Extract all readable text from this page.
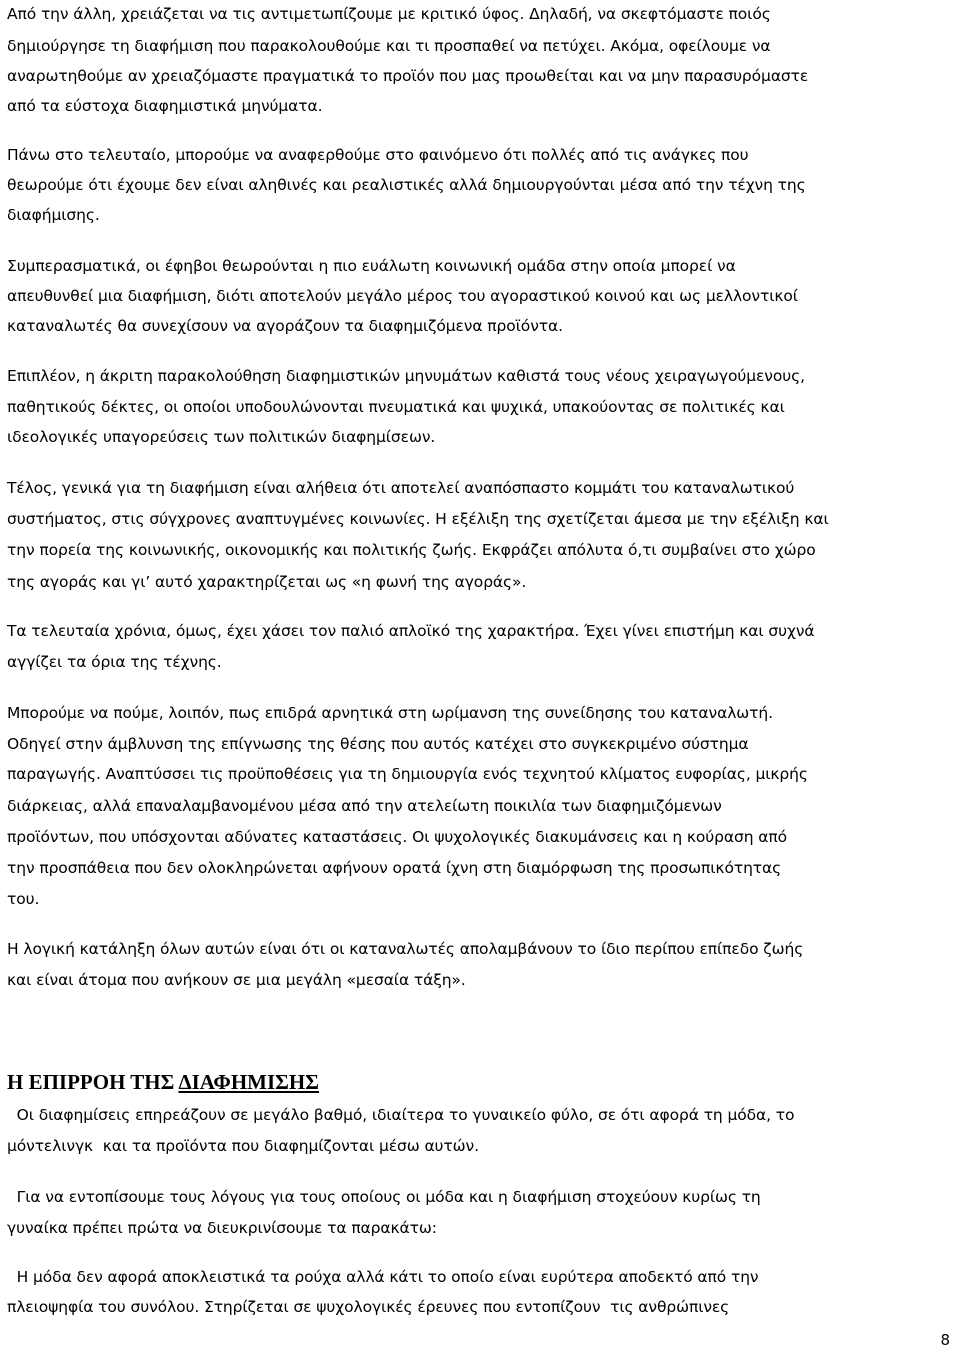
Από την άλλη, χρειάζεται να τις αντιμετωπίζουμε με κριτικό ύφος. Δηλαδή, να σκεφτόμαστε ποιός
δημιούργησε τη διαφήμιση που παρακολουθούμε και τι προσπαθεί να πετύχει. Ακόμα, οφείλουμε να
αναρωτηθούμε αν χρειαζόμαστε πραγματικά το προϊόν που μας προωθείται και να μην παρασυρόμαστε
από τα εύστοχα διαφημιστικά μηνύματα.
Πάνω στο τελευταίο, μπορούμε να αναφερθούμε στο φαινόμενο ότι πολλές από τις ανάγκες που
θεωρούμε ότι έχουμε δεν είναι αληθινές και ρεαλιστικές αλλά δημιουργούνται μέσα από την τέχνη της
διαφήμισης.
Συμπερασματικά, οι έφηβοι θεωρούνται η πιο ευάλωτη κοινωνική ομάδα στην οποία μπορεί να
απευθυνθεί μια διαφήμιση, διότι αποτελούν μεγάλο μέρος του αγοραστικού κοινού και ως μελλοντικοί
καταναλωτές θα συνεχίσουν να αγοράζουν τα διαφημιζόμενα προϊόντα.
Επιπλέον, η άκριτη παρακολούθηση διαφημιστικών μηνυμάτων καθιστά τους νέους χειραγωγούμενους,
παθητικούς δέκτες, οι οποίοι υποδουλώνονται πνευματικά και ψυχικά, υπακούοντας σε πολιτικές και
ιδεολογικές υπαγορεύσεις των πολιτικών διαφημίσεων.
Τέλος, γενικά για τη διαφήμιση είναι αλήθεια ότι αποτελεί αναπόσπαστο κομμάτι του καταναλωτικού
συστήματος, στις σύγχρονες αναπτυγμένες κοινωνίες. Η εξέλιξη της σχετίζεται άμεσα με την εξέλιξη και
την πορεία της κοινωνικής, οικονομικής και πολιτικής ζωής. Εκφράζει απόλυτα ό,τι συμβαίνει στο χώρο
της αγοράς και γι’ αυτό χαρακτηρίζεται ως «η φωνή της αγοράς».
Τα τελευταία χρόνια, όμως, έχει χάσει τον παλιό απλοϊκό της χαρακτήρα. Έχει γίνει επιστήμη και συχνά
αγγίζει τα όρια της τέχνης.
Μπορούμε να πούμε, λοιπόν, πως επιδρά αρνητικά στη ωρίμανση της συνείδησης του καταναλωτή.
Οδηγεί στην άμβλυνση της επίγνωσης της θέσης που αυτός κατέχει στο συγκεκριμένο σύστημα
παραγωγής. Αναπτύσσει τις προϋποθέσεις για τη δημιουργία ενός τεχνητού κλίματος ευφορίας, μικρής
διάρκειας, αλλά επαναλαμβανομένου μέσα από την ατελείωτη ποικιλία των διαφημιζόμενων
προϊόντων, που υπόσχονται αδύνατες καταστάσεις. Οι ψυχολογικές διακυμάνσεις και η κούραση από
την προσπάθεια που δεν ολοκληρώνεται αφήνουν ορατά ίχνη στη διαμόρφωση της προσωπικότητας
του.
Η λογική κατάληξη όλων αυτών είναι ότι οι καταναλωτές απολαμβάνουν το ίδιο περίπου επίπεδο ζωής
και είναι άτομα που ανήκουν σε μια μεγάλη «μεσαία τάξη».
Η ΕΠΙΡΡΟΗ ΤΗΣ ΔΙΑΦΗΜΙΣΗΣ
Οι διαφημίσεις επηρεάζουν σε μεγάλο βαθμό, ιδιαίτερα το γυναικείο φύλο, σε ότι αφορά τη μόδα, το
μόντελινγκ  και τα προϊόντα που διαφημίζονται μέσω αυτών.
Για να εντοπίσουμε τους λόγους για τους οποίους οι μόδα και η διαφήμιση στοχεύουν κυρίως τη
γυναίκα πρέπει πρώτα να διευκρινίσουμε τα παρακάτω:
Η μόδα δεν αφορά αποκλειστικά τα ρούχα αλλά κάτι το οποίο είναι ευρύτερα αποδεκτό από την
πλειοψηφία του συνόλου. Στηρίζεται σε ψυχολογικές έρευνες που εντοπίζουν  τις ανθρώπινες
8
